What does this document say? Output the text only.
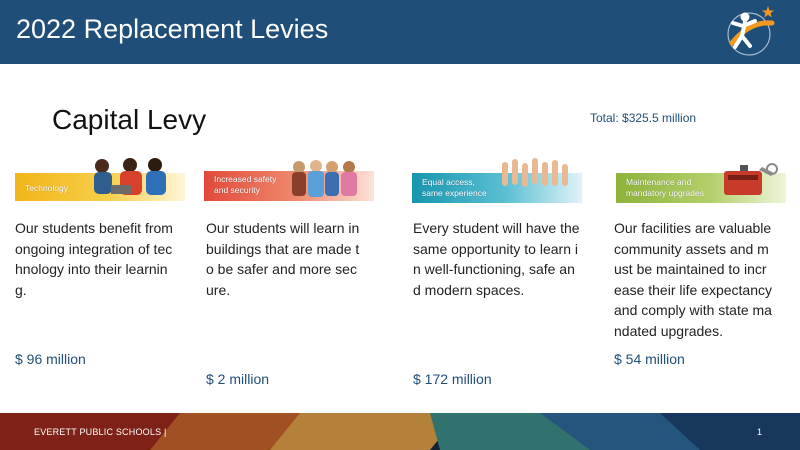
2022 Replacement Levies
Capital Levy	Total: $325.5 million
Technology
Our students benefit from ongoing integration of technology into their learning.
$ 96 million
Increased safety
and security
Our students will learn in buildings that are made to be safer and more secure.
$ 2 million
Equal access,
same experience
Every student will have the same opportunity to learn in well-functioning, safe and modern spaces.
$ 172 million
Maintenance and
mandatory upgrades
Our facilities are valuable community assets and must be maintained to increase their life expectancy and comply with state mandated upgrades.
$ 54 million
EVERETT PUBLIC SCHOOLS |	1
